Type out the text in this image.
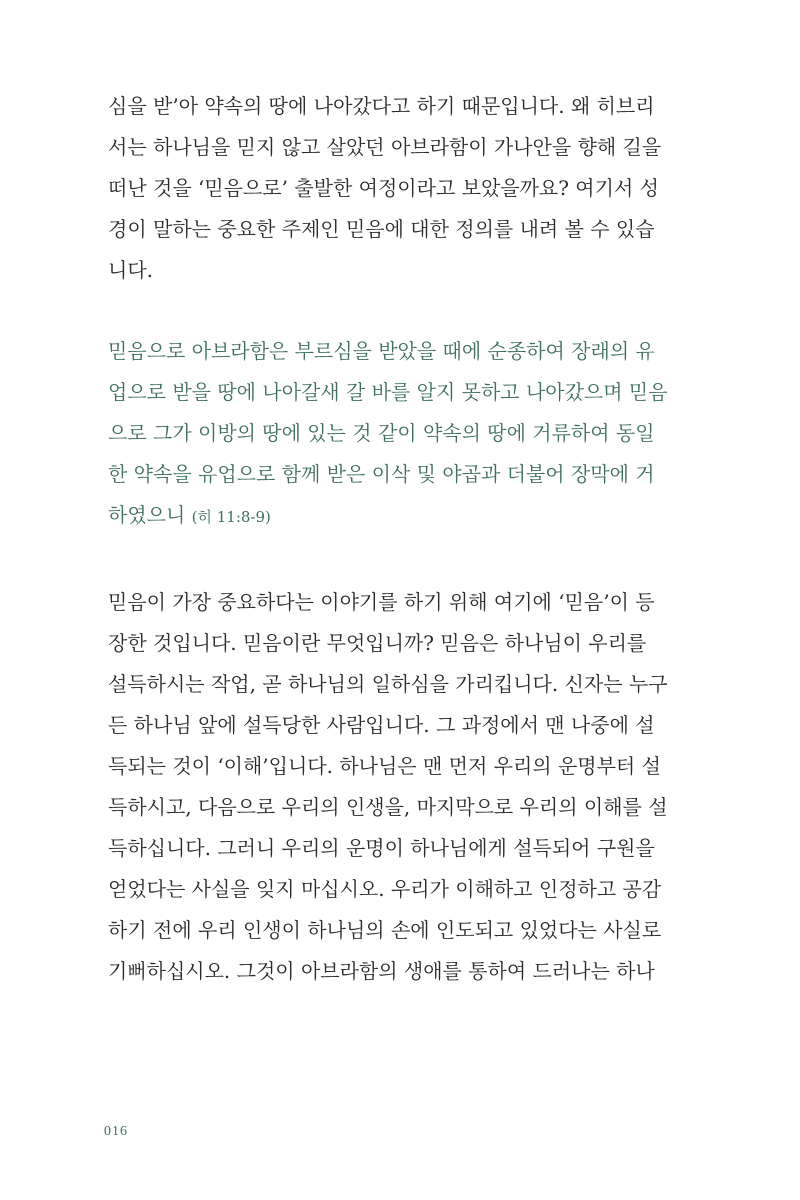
심을 받’아 약속의 땅에 나아갔다고 하기 때문입니다. 왜 히브리
서는 하나님을 믿지 않고 살았던 아브라함이 가나안을 향해 길을
떠난 것을 ‘믿음으로’ 출발한 여정이라고 보았을까요? 여기서 성
경이 말하는 중요한 주제인 믿음에 대한 정의를 내려 볼 수 있습
니다.

믿음으로 아브라함은 부르심을 받았을 때에 순종하여 장래의 유
업으로 받을 땅에 나아갈새 갈 바를 알지 못하고 나아갔으며 믿음
으로 그가 이방의 땅에 있는 것 같이 약속의 땅에 거류하여 동일
한 약속을 유업으로 함께 받은 이삭 및 야곱과 더불어 장막에 거
하였으니 (히 11:8-9)

믿음이 가장 중요하다는 이야기를 하기 위해 여기에 ‘믿음’이 등
장한 것입니다. 믿음이란 무엇입니까? 믿음은 하나님이 우리를
설득하시는 작업, 곧 하나님의 일하심을 가리킵니다. 신자는 누구
든 하나님 앞에 설득당한 사람입니다. 그 과정에서 맨 나중에 설
득되는 것이 ‘이해’입니다. 하나님은 맨 먼저 우리의 운명부터 설
득하시고, 다음으로 우리의 인생을, 마지막으로 우리의 이해를 설
득하십니다. 그러니 우리의 운명이 하나님에게 설득되어 구원을
얻었다는 사실을 잊지 마십시오. 우리가 이해하고 인정하고 공감
하기 전에 우리 인생이 하나님의 손에 인도되고 있었다는 사실로
기뻐하십시오. 그것이 아브라함의 생애를 통하여 드러나는 하나

016
